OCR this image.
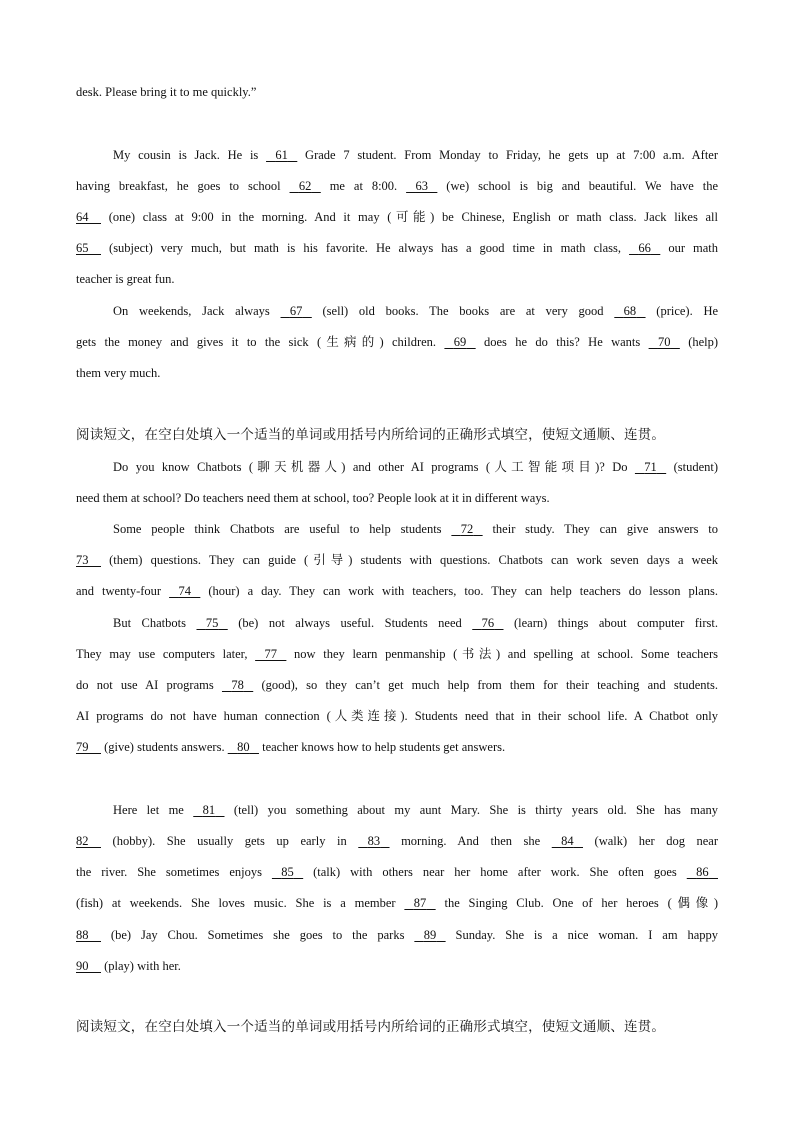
desk. Please bring it to me quickly.”
My cousin is Jack. He is 61 Grade 7 student. From Monday to Friday, he gets up at 7:00 a.m. After
having breakfast, he goes to school 62 me at 8:00. 63 (we) school is big and beautiful. We have the
64 (one) class at 9:00 in the morning. And it may (可能) be Chinese, English or math class. Jack likes all
65 (subject) very much, but math is his favorite. He always has a good time in math class, 66 our math
teacher is great fun.
On weekends, Jack always 67 (sell) old books. The books are at very good 68 (price). He
gets the money and gives it to the sick (生病的) children. 69 does he do this? He wants 70 (help)
them very much.
阅读短文，在空白处填入一个适当的单词或用括号内所给词的正确形式填空，使短文通顺、连贯。
Do you know Chatbots (聊天机器人) and other AI programs (人工智能项目)? Do 71 (student)
need them at school? Do teachers need them at school, too? People look at it in different ways.
Some people think Chatbots are useful to help students 72 their study. They can give answers to
73 (them) questions. They can guide (引导) students with questions. Chatbots can work seven days a week
and twenty-four 74 (hour) a day. They can work with teachers, too. They can help teachers do lesson plans.
But Chatbots 75 (be) not always useful. Students need 76 (learn) things about computer first.
They may use computers later, 77 now they learn penmanship (书法) and spelling at school. Some teachers
do not use AI programs 78 (good), so they can’t get much help from them for their teaching and students.
AI programs do not have human connection (人类连接). Students need that in their school life. A Chatbot only
79 (give) students answers. 80 teacher knows how to help students get answers.
Here let me 81 (tell) you something about my aunt Mary. She is thirty years old. She has many
82 (hobby). She usually gets up early in 83 morning. And then she 84 (walk) her dog near
the river. She sometimes enjoys 85 (talk) with others near her home after work. She often goes 86
(fish) at weekends. She loves music. She is a member 87 the Singing Club. One of her heroes (偶像)
88 (be) Jay Chou. Sometimes she goes to the parks 89 Sunday. She is a nice woman. I am happy
90 (play) with her.
阅读短文，在空白处填入一个适当的单词或用括号内所给词的正确形式填空，使短文通顺、连贯。
